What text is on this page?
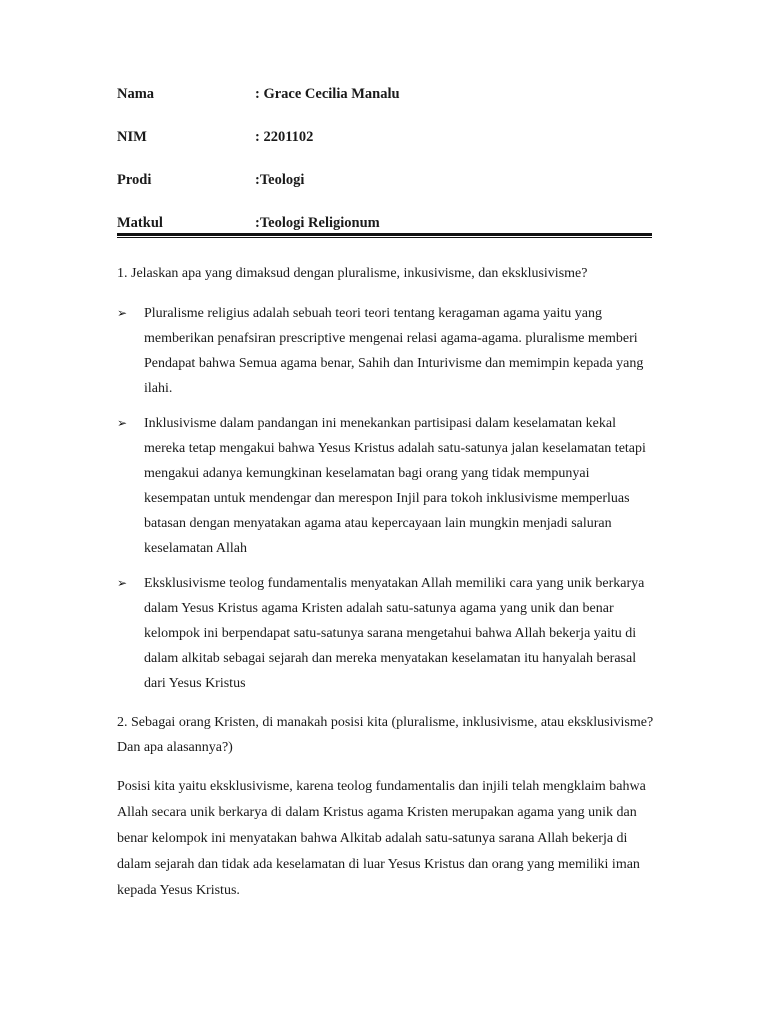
Nama	: Grace Cecilia Manalu
NIM	: 2201102
Prodi	:Teologi
Matkul	:Teologi Religionum

1. Jelaskan apa yang dimaksud dengan pluralisme, inkusivisme, dan eksklusivisme?

➢ Pluralisme religius adalah sebuah teori teori tentang keragaman agama yaitu yang memberikan penafsiran prescriptive mengenai relasi agama-agama. pluralisme memberi Pendapat bahwa Semua agama benar, Sahih dan Inturivisme dan memimpin kepada yang ilahi.
➢ Inklusivisme dalam pandangan ini menekankan partisipasi dalam keselamatan kekal mereka tetap mengakui bahwa Yesus Kristus adalah satu-satunya jalan keselamatan tetapi mengakui adanya kemungkinan keselamatan bagi orang yang tidak mempunyai kesempatan untuk mendengar dan merespon Injil para tokoh inklusivisme memperluas batasan dengan menyatakan agama atau kepercayaan lain mungkin menjadi saluran keselamatan Allah
➢ Eksklusivisme teolog fundamentalis menyatakan Allah memiliki cara yang unik berkarya dalam Yesus Kristus agama Kristen adalah satu-satunya agama yang unik dan benar kelompok ini berpendapat satu-satunya sarana mengetahui bahwa Allah bekerja yaitu di dalam alkitab sebagai sejarah dan mereka menyatakan keselamatan itu hanyalah berasal dari Yesus Kristus

2. Sebagai orang Kristen, di manakah posisi kita (pluralisme, inklusivisme, atau eksklusivisme? Dan apa alasannya?)

Posisi kita yaitu eksklusivisme, karena teolog fundamentalis dan injili telah mengklaim bahwa Allah secara unik berkarya di dalam Kristus agama Kristen merupakan agama yang unik dan benar kelompok ini menyatakan bahwa Alkitab adalah satu-satunya sarana Allah bekerja di dalam sejarah dan tidak ada keselamatan di luar Yesus Kristus dan orang yang memiliki iman kepada Yesus Kristus.
